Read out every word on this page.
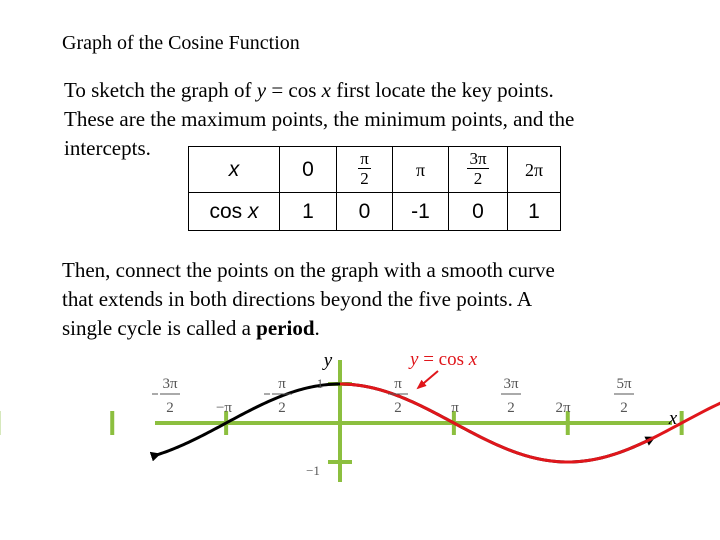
Graph of the Cosine Function
To sketch the graph of y = cos x first locate the key points.
These are the maximum points, the minimum points, and the
intercepts.
x	0	$\frac{\pi}{2}$	π	$\frac{3\pi}{2}$	2π
cos x	1	0	-1	0	1
Then, connect the points on the graph with a smooth curve
that extends in both directions beyond the five points. A
single cycle is called a period.
3π
2	−π
π
2
π
2	π
3π
2	2π
5π
2
y
x
1
−1
y = cos x
